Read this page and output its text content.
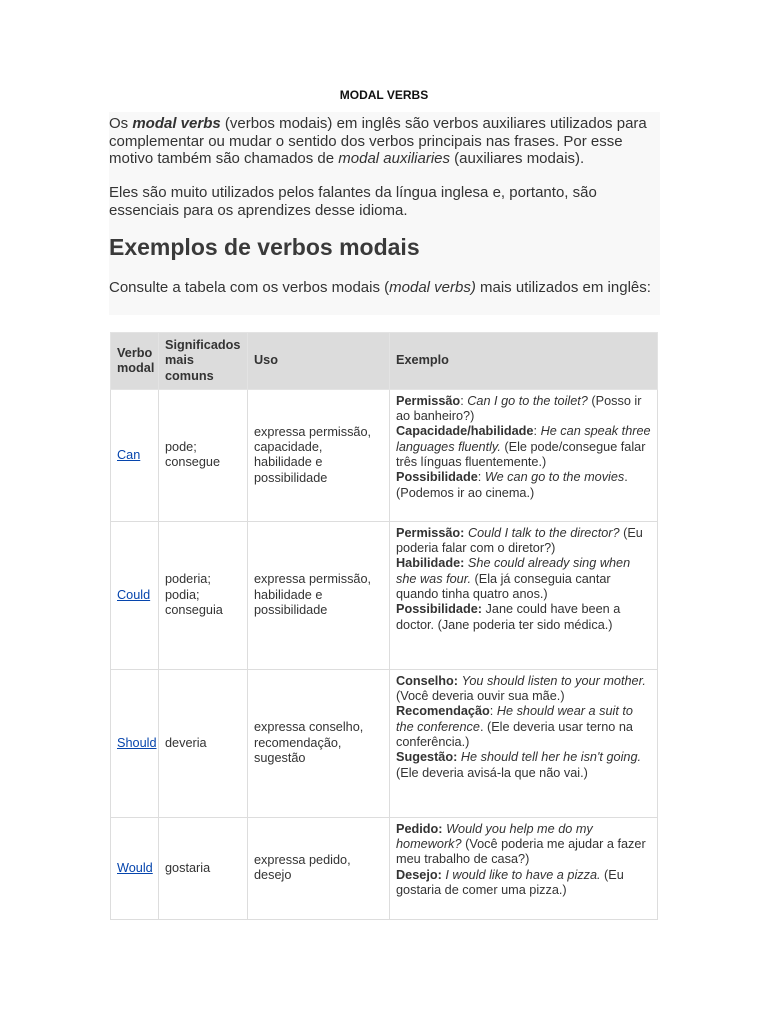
MODAL VERBS

Os modal verbs (verbos modais) em inglês são verbos auxiliares utilizados para complementar ou mudar o sentido dos verbos principais nas frases. Por esse motivo também são chamados de modal auxiliaries (auxiliares modais).

Eles são muito utilizados pelos falantes da língua inglesa e, portanto, são essenciais para os aprendizes desse idioma.

Exemplos de verbos modais

Consulte a tabela com os verbos modais (modal verbs) mais utilizados em inglês:

Verbo modal	Significados mais comuns	Uso	Exemplo
Can	pode; consegue	expressa permissão, capacidade, habilidade e possibilidade	Permissão: Can I go to the toilet? (Posso ir ao banheiro?)
Capacidade/habilidade: He can speak three languages fluently. (Ele pode/consegue falar três línguas fluentemente.)
Possibilidade: We can go to the movies. (Podemos ir ao cinema.)

Could	poderia; podia; conseguia	expressa permissão, habilidade e possibilidade	Permissão: Could I talk to the director? (Eu poderia falar com o diretor?)
Habilidade: She could already sing when she was four. (Ela já conseguia cantar quando tinha quatro anos.)
Possibilidade: Jane could have been a doctor. (Jane poderia ter sido médica.)

Should	deveria	expressa conselho, recomendação, sugestão	Conselho: You should listen to your mother. (Você deveria ouvir sua mãe.)
Recomendação: He should wear a suit to the conference. (Ele deveria usar terno na conferência.)
Sugestão: He should tell her he isn't going. (Ele deveria avisá-la que não vai.)

Would	gostaria	expressa pedido, desejo	Pedido: Would you help me do my homework? (Você poderia me ajudar a fazer meu trabalho de casa?)
Desejo: I would like to have a pizza. (Eu gostaria de comer uma pizza.)
